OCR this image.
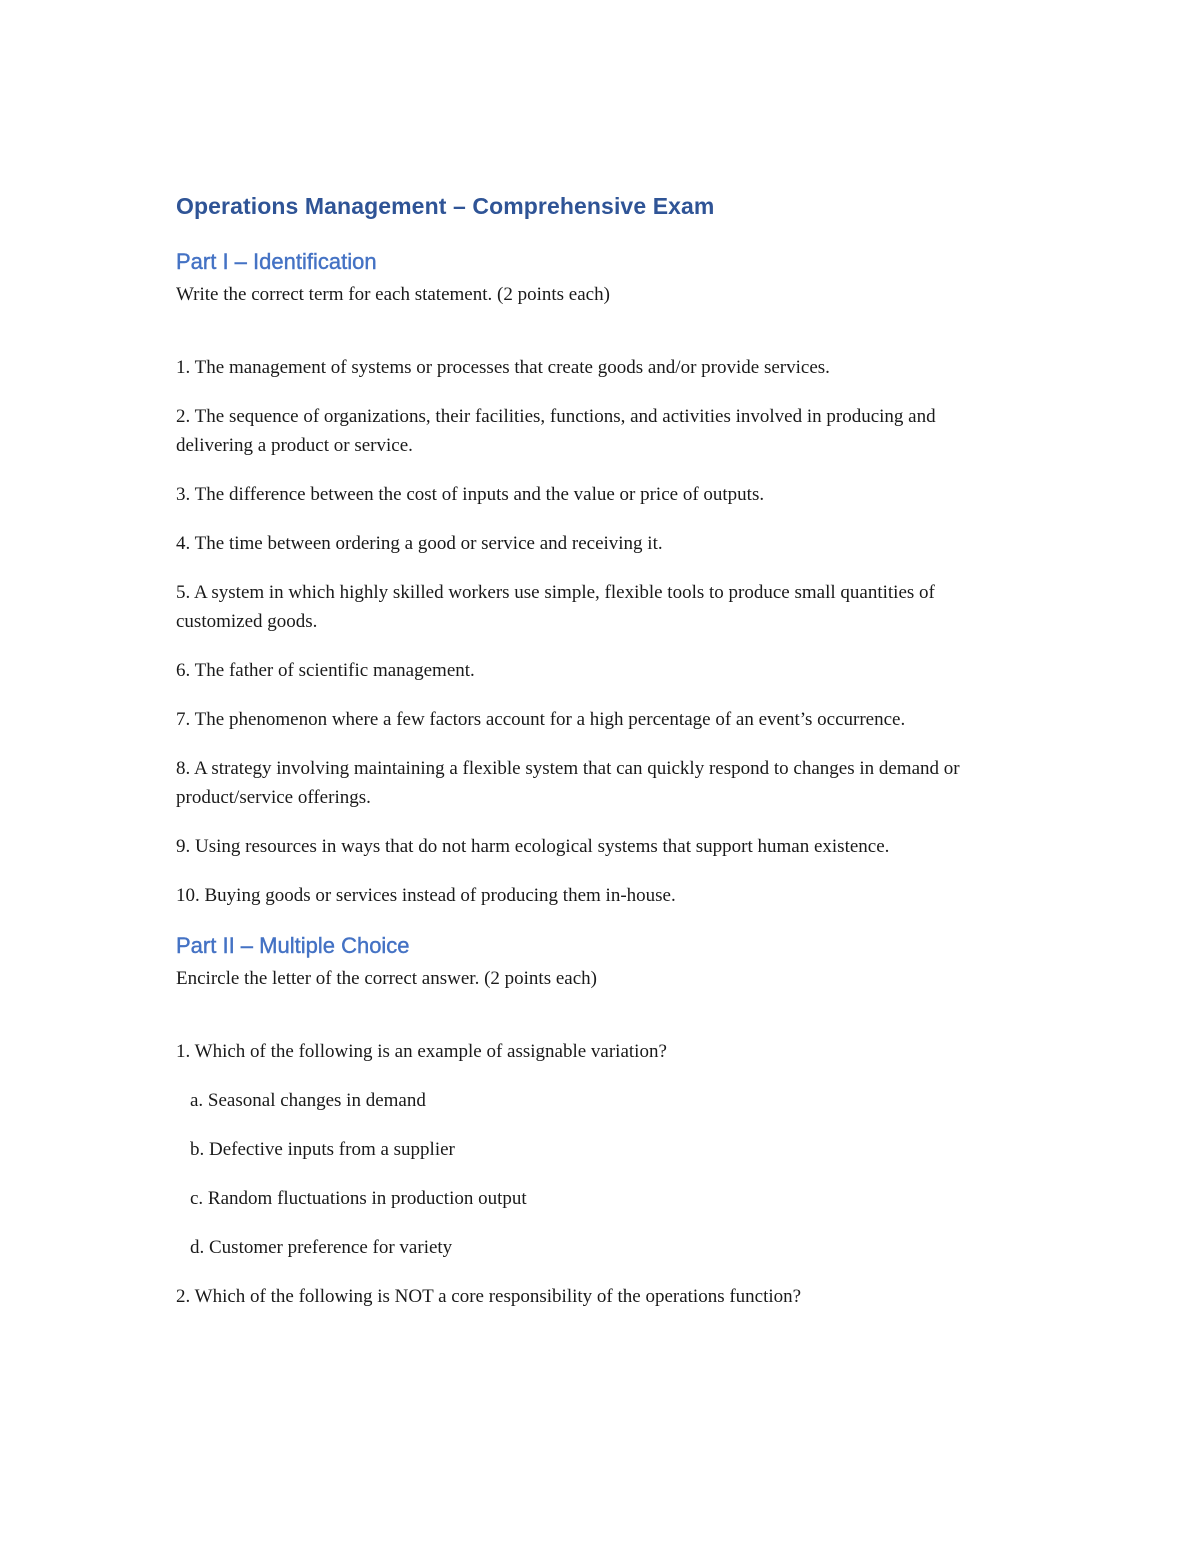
Operations Management – Comprehensive Exam
Part I – Identification

Write the correct term for each statement. (2 points each)

1. The management of systems or processes that create goods and/or provide services.
2. The sequence of organizations, their facilities, functions, and activities involved in producing and delivering a product or service.
3. The difference between the cost of inputs and the value or price of outputs.
4. The time between ordering a good or service and receiving it.
5. A system in which highly skilled workers use simple, flexible tools to produce small quantities of customized goods.
6. The father of scientific management.
7. The phenomenon where a few factors account for a high percentage of an event’s occurrence.
8. A strategy involving maintaining a flexible system that can quickly respond to changes in demand or product/service offerings.
9. Using resources in ways that do not harm ecological systems that support human existence.
10. Buying goods or services instead of producing them in-house.
Part II – Multiple Choice

Encircle the letter of the correct answer. (2 points each)

1. Which of the following is an example of assignable variation?

a. Seasonal changes in demand

b. Defective inputs from a supplier

c. Random fluctuations in production output

d. Customer preference for variety

2. Which of the following is NOT a core responsibility of the operations function?
